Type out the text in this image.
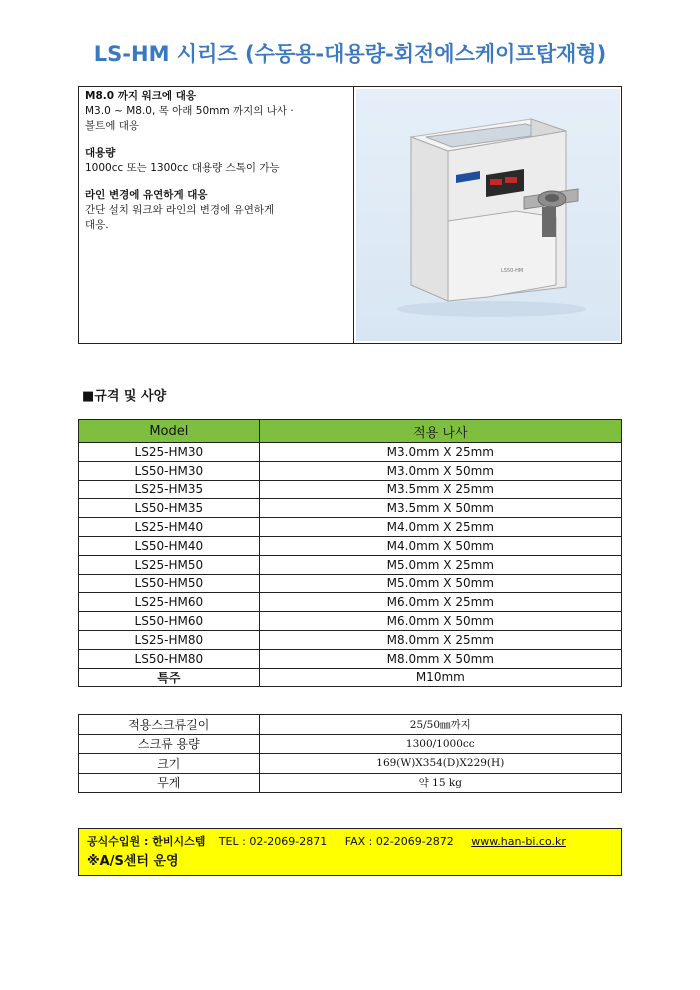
LS-HM 시리즈 (수동용-대용량-회전에스케이프탑재형)
M8.0 까지 워크에 대응
M3.0 ~ M8.0, 목 아래 50mm 까지의 나사 ·
볼트에 대응
대용량
1000cc 또는 1300cc 대용량 스톡이 가능
라인 변경에 유연하게 대응
간단 설치 워크와 라인의 변경에 유연하게
대응.
LS50-HM
■규격 및 사양
Model	적용 나사
LS25-HM30	M3.0mm X 25mm
LS50-HM30	M3.0mm X 50mm
LS25-HM35	M3.5mm X 25mm
LS50-HM35	M3.5mm X 50mm
LS25-HM40	M4.0mm X 25mm
LS50-HM40	M4.0mm X 50mm
LS25-HM50	M5.0mm X 25mm
LS50-HM50	M5.0mm X 50mm
LS25-HM60	M6.0mm X 25mm
LS50-HM60	M6.0mm X 50mm
LS25-HM80	M8.0mm X 25mm
LS50-HM80	M8.0mm X 50mm
특주	M10mm
적용스크류길이	25/50㎜까지
스크류 용량	1300/1000cc
크기	169(W)X354(D)X229(H)
무게	약 15 kg
공식수입원 : 한비시스템 TEL : 02-2069-2871 FAX : 02-2069-2872 www.han-bi.co.kr
※A/S센터 운영
